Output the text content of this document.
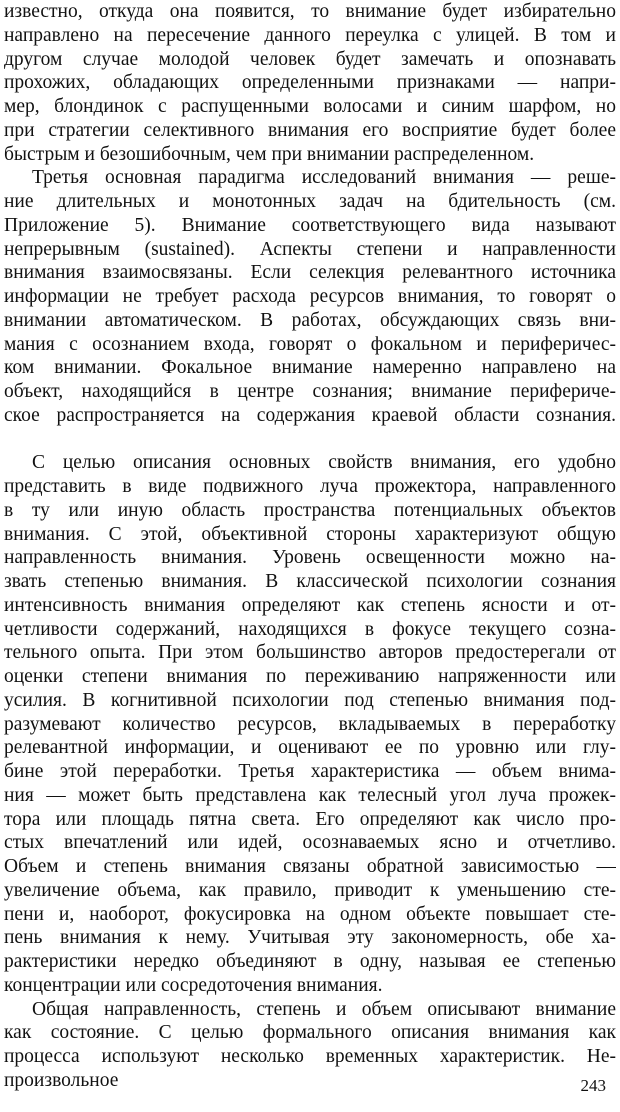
известно, откуда она появится, то внимание будет избирательно
направлено на пересечение данного переулка с улицей. В том и
другом случае молодой человек будет замечать и опознавать
прохожих, обладающих определенными признаками — напри-
мер, блондинок с распущенными волосами и синим шарфом, но
при стратегии селективного внимания его восприятие будет более
быстрым и безошибочным, чем при внимании распределенном.
Третья основная парадигма исследований внимания — реше-
ние длительных и монотонных задач на бдительность (см.
Приложение 5). Внимание соответствующего вида называют
непрерывным (sustained). Аспекты степени и направленности
внимания взаимосвязаны. Если селекция релевантного источника
информации не требует расхода ресурсов внимания, то говорят о
внимании автоматическом. В работах, обсуждающих связь вни-
мания с осознанием входа, говорят о фокальном и периферичес-
ком внимании. Фокальное внимание намеренно направлено на
объект, находящийся в центре сознания; внимание перифериче-
ское распространяется на содержания краевой области сознания.
С целью описания основных свойств внимания, его удобно
представить в виде подвижного луча прожектора, направленного
в ту или иную область пространства потенциальных объектов
внимания. С этой, объективной стороны характеризуют общую
направленность внимания. Уровень освещенности можно на-
звать степенью внимания. В классической психологии сознания
интенсивность внимания определяют как степень ясности и от-
четливости содержаний, находящихся в фокусе текущего созна-
тельного опыта. При этом большинство авторов предостерегали от
оценки степени внимания по переживанию напряженности или
усилия. В когнитивной психологии под степенью внимания под-
разумевают количество ресурсов, вкладываемых в переработку
релевантной информации, и оценивают ее по уровню или глу-
бине этой переработки. Третья характеристика — объем внима-
ния — может быть представлена как телесный угол луча прожек-
тора или площадь пятна света. Его определяют как число про-
стых впечатлений или идей, осознаваемых ясно и отчетливо.
Объем и степень внимания связаны обратной зависимостью —
увеличение объема, как правило, приводит к уменьшению сте-
пени и, наоборот, фокусировка на одном объекте повышает сте-
пень внимания к нему. Учитывая эту закономерность, обе ха-
рактеристики нередко объединяют в одну, называя ее степенью
концентрации или сосредоточения внимания.
Общая направленность, степень и объем описывают внимание
как состояние. С целью формального описания внимания как
процесса используют несколько временных характеристик. Не-
произвольное	243
